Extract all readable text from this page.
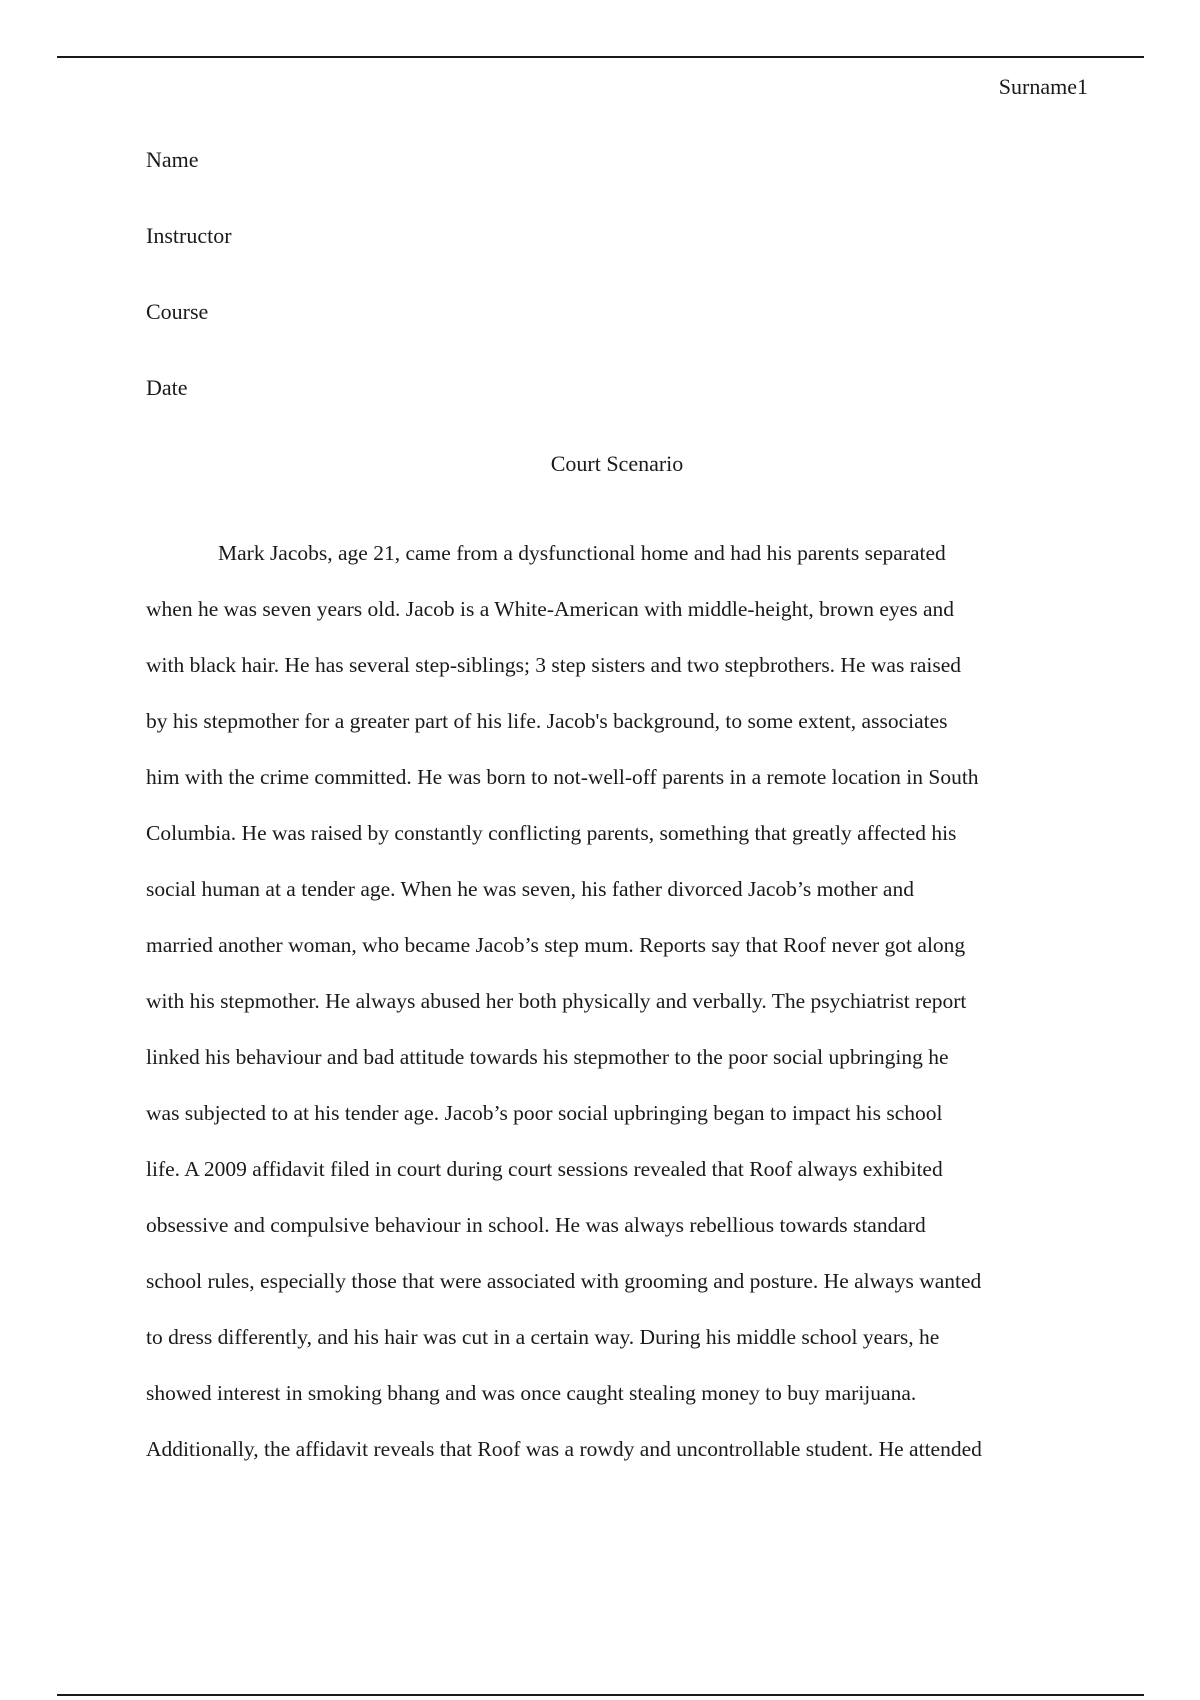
Surname1
Name
Instructor
Course
Date
Court Scenario
Mark Jacobs, age 21, came from a dysfunctional home and had his parents separated
when he was seven years old. Jacob is a White-American with middle-height, brown eyes and
with black hair. He has several step-siblings; 3 step sisters and two stepbrothers. He was raised
by his stepmother for a greater part of his life. Jacob's background, to some extent, associates
him with the crime committed. He was born to not-well-off parents in a remote location in South
Columbia. He was raised by constantly conflicting parents, something that greatly affected his
social human at a tender age. When he was seven, his father divorced Jacob’s mother and
married another woman, who became Jacob’s step mum. Reports say that Roof never got along
with his stepmother. He always abused her both physically and verbally. The psychiatrist report
linked his behaviour and bad attitude towards his stepmother to the poor social upbringing he
was subjected to at his tender age. Jacob’s poor social upbringing began to impact his school
life. A 2009 affidavit filed in court during court sessions revealed that Roof always exhibited
obsessive and compulsive behaviour in school. He was always rebellious towards standard
school rules, especially those that were associated with grooming and posture. He always wanted
to dress differently, and his hair was cut in a certain way. During his middle school years, he
showed interest in smoking bhang and was once caught stealing money to buy marijuana.
Additionally, the affidavit reveals that Roof was a rowdy and uncontrollable student. He attended
